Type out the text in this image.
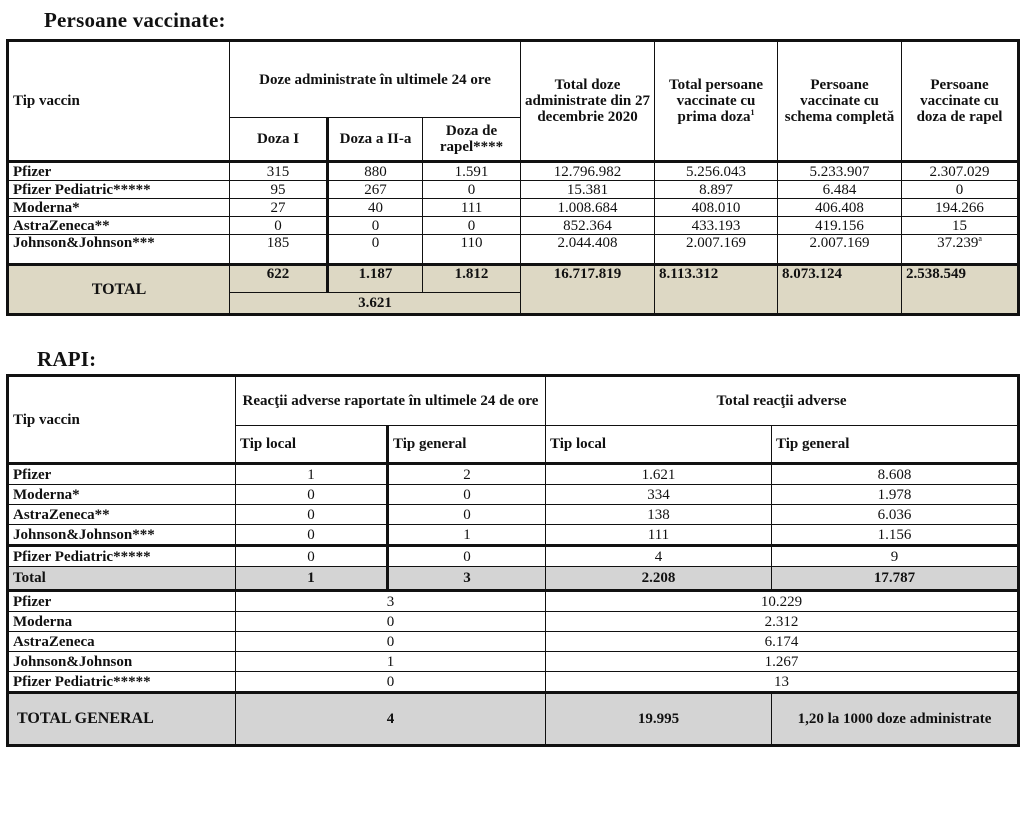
Persoane vaccinate:
Tip vaccin	Doze administrate în ultimele 24 ore			Total doze administrate din 27 decembrie 2020	Total persoane vaccinate cu prima doza$^1$	Persoane vaccinate cu schema completă	Persoane vaccinate cu doza de rapel
	Doza I	Doza a II-a	Doza de rapel****				
Pfizer	315	880	1.591	12.796.982	5.256.043	5.233.907	2.307.029
Pfizer Pediatric*****	95	267	0	15.381	8.897	6.484	0
Moderna*	27	40	111	1.008.684	408.010	406.408	194.266
AstraZeneca**	0	0	0	852.364	433.193	419.156	15
Johnson&Johnson***	185	0	110	2.044.408	2.007.169	2.007.169	37.239$^a$
TOTAL	622	1.187	1.812	16.717.819	8.113.312	8.073.124	2.538.549
	3.621						
RAPI:
Tip vaccin	Reacţii adverse raportate în ultimele 24 de ore		Total reacţii adverse	
	Tip local	Tip general	Tip local	Tip general
Pfizer	1	2	1.621	8.608
Moderna*	0	0	334	1.978
AstraZeneca**	0	0	138	6.036
Johnson&Johnson***	0	1	111	1.156
Pfizer Pediatric*****	0	0	4	9
Total	1	3	2.208	17.787
Pfizer	3		10.229	
Moderna	0		2.312	
AstraZeneca	0		6.174	
Johnson&Johnson	1		1.267	
Pfizer Pediatric*****	0		13	
TOTAL GENERAL	4		19.995	1,20 la 1000 doze administrate
